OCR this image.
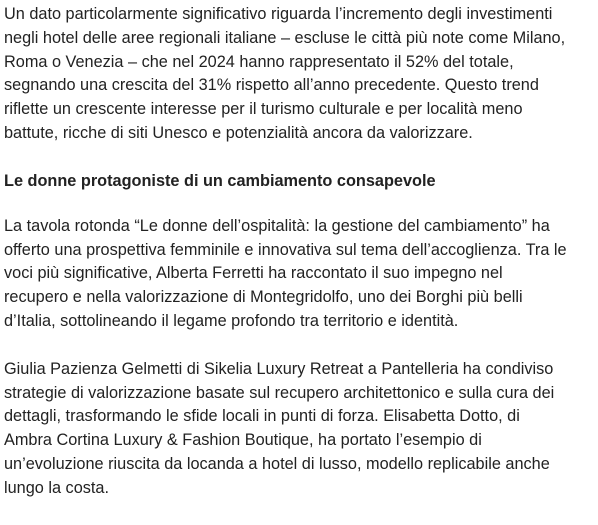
Un dato particolarmente significativo riguarda l’incremento degli investimenti
negli hotel delle aree regionali italiane – escluse le città più note come Milano,
Roma o Venezia – che nel 2024 hanno rappresentato il 52% del totale,
segnando una crescita del 31% rispetto all’anno precedente. Questo trend
riflette un crescente interesse per il turismo culturale e per località meno
battute, ricche di siti Unesco e potenzialità ancora da valorizzare.

Le donne protagoniste di un cambiamento consapevole

La tavola rotonda “Le donne dell’ospitalità: la gestione del cambiamento” ha
offerto una prospettiva femminile e innovativa sul tema dell’accoglienza. Tra le
voci più significative, Alberta Ferretti ha raccontato il suo impegno nel
recupero e nella valorizzazione di Montegridolfo, uno dei Borghi più belli
d’Italia, sottolineando il legame profondo tra territorio e identità.

Giulia Pazienza Gelmetti di Sikelia Luxury Retreat a Pantelleria ha condiviso
strategie di valorizzazione basate sul recupero architettonico e sulla cura dei
dettagli, trasformando le sfide locali in punti di forza. Elisabetta Dotto, di
Ambra Cortina Luxury & Fashion Boutique, ha portato l’esempio di
un’evoluzione riuscita da locanda a hotel di lusso, modello replicabile anche
lungo la costa.
